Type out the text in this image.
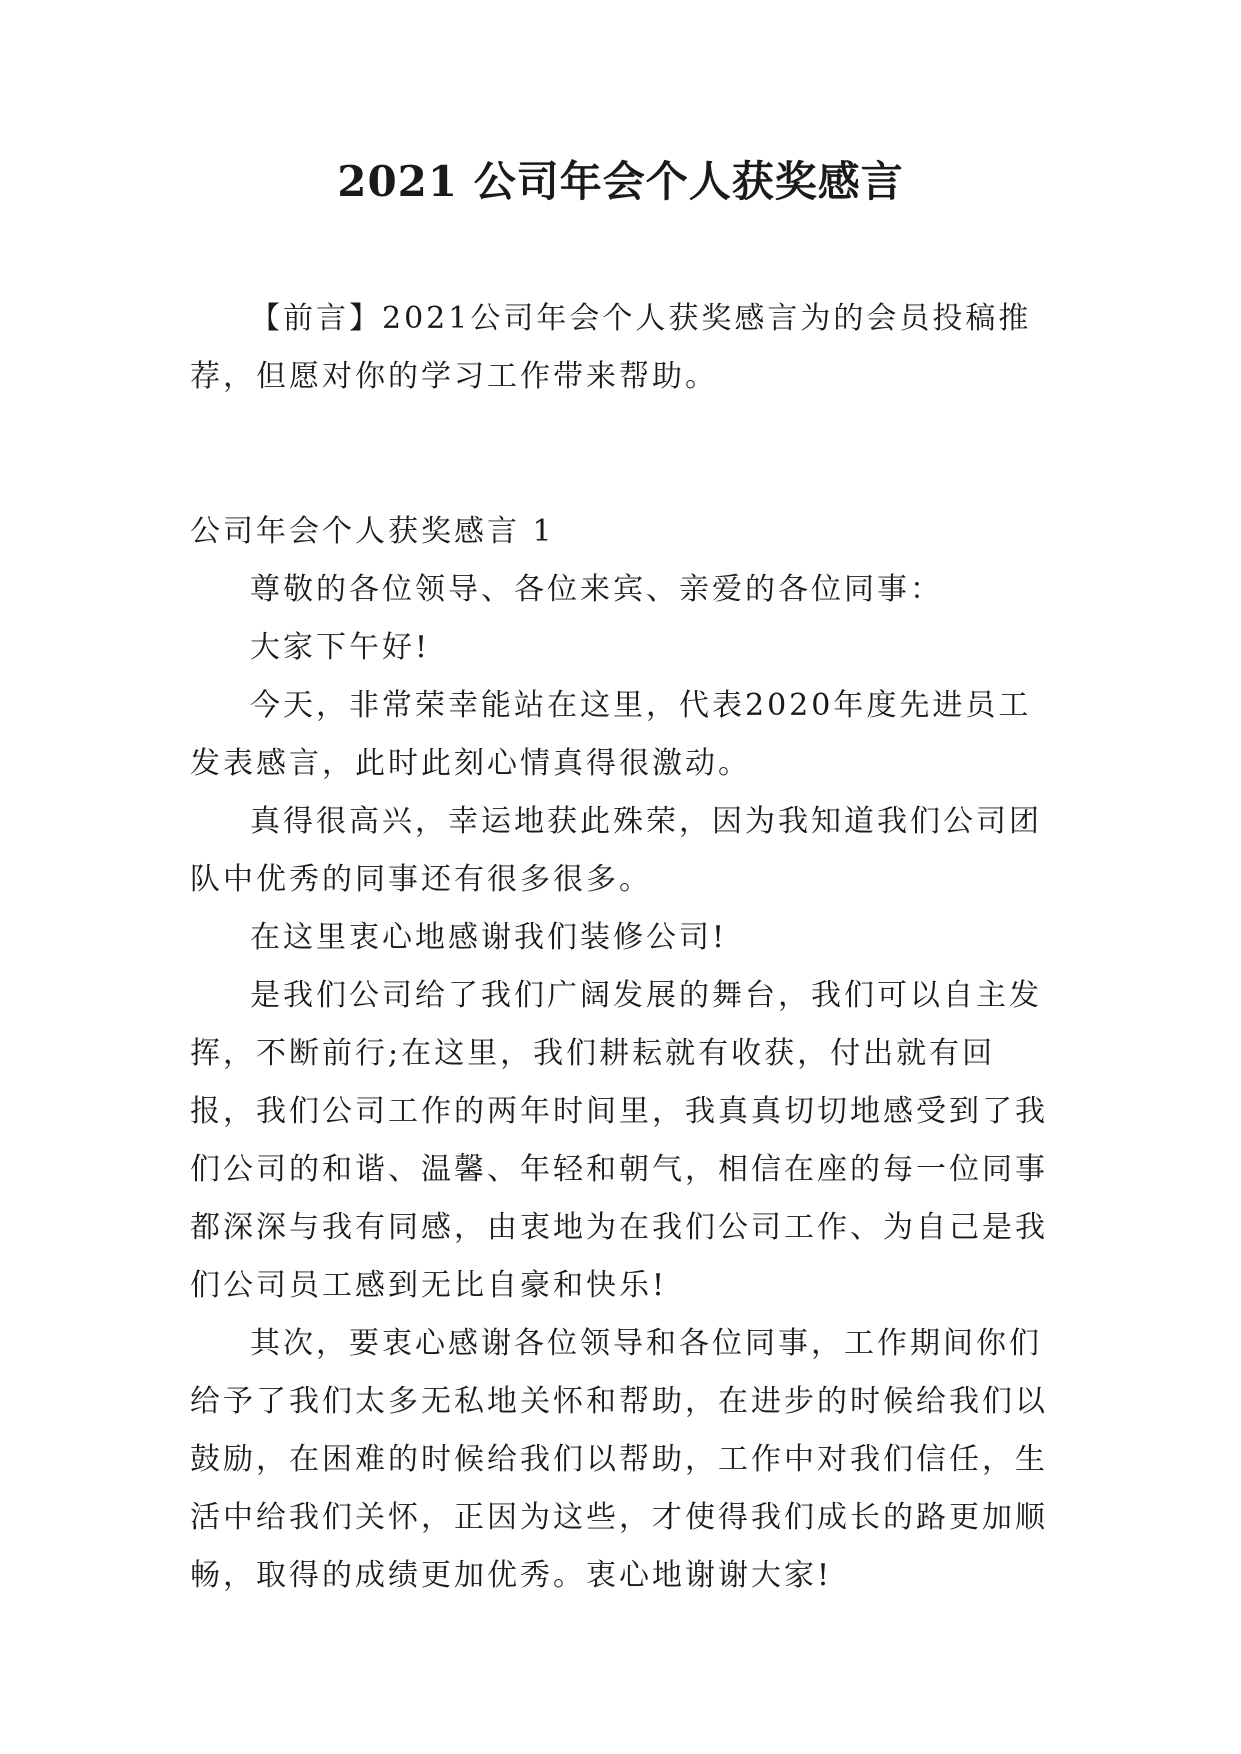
2021 公司年会个人获奖感言

【前言】2021公司年会个人获奖感言为的会员投稿推荐，但愿对你的学习工作带来帮助。

公司年会个人获奖感言 1

尊敬的各位领导、各位来宾、亲爱的各位同事：

大家下午好!

今天，非常荣幸能站在这里，代表2020年度先进员工发表感言，此时此刻心情真得很激动。

真得很高兴，幸运地获此殊荣，因为我知道我们公司团队中优秀的同事还有很多很多。

在这里衷心地感谢我们装修公司!

是我们公司给了我们广阔发展的舞台，我们可以自主发挥，不断前行;在这里，我们耕耘就有收获，付出就有回报，我们公司工作的两年时间里，我真真切切地感受到了我们公司的和谐、温馨、年轻和朝气，相信在座的每一位同事都深深与我有同感，由衷地为在我们公司工作、为自己是我们公司员工感到无比自豪和快乐!

其次，要衷心感谢各位领导和各位同事，工作期间你们给予了我们太多无私地关怀和帮助，在进步的时候给我们以鼓励，在困难的时候给我们以帮助，工作中对我们信任，生活中给我们关怀，正因为这些，才使得我们成长的路更加顺畅，取得的成绩更加优秀。衷心地谢谢大家!
